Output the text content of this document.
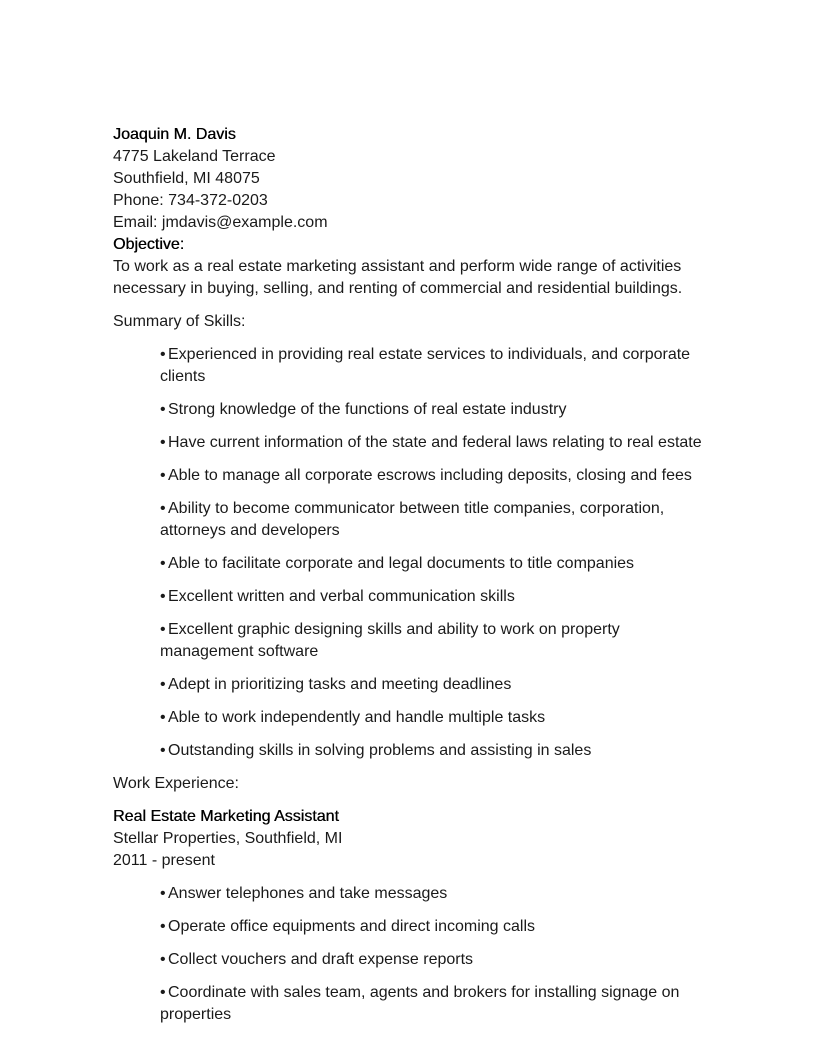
Joaquin M. Davis

4775 Lakeland Terrace

Southfield, MI 48075

Phone: 734-372-0203

Email: jmdavis@example.com

Objective:

To work as a real estate marketing assistant and perform wide range of activities necessary in buying, selling, and renting of commercial and residential buildings.

Summary of Skills:

• Experienced in providing real estate services to individuals, and corporate clients
• Strong knowledge of the functions of real estate industry
• Have current information of the state and federal laws relating to real estate
• Able to manage all corporate escrows including deposits, closing and fees
• Ability to become communicator between title companies, corporation, attorneys and developers
• Able to facilitate corporate and legal documents to title companies
• Excellent written and verbal communication skills
• Excellent graphic designing skills and ability to work on property management software
• Adept in prioritizing tasks and meeting deadlines
• Able to work independently and handle multiple tasks
• Outstanding skills in solving problems and assisting in sales

Work Experience:

Real Estate Marketing Assistant

Stellar Properties, Southfield, MI

2011 - present

• Answer telephones and take messages
• Operate office equipments and direct incoming calls
• Collect vouchers and draft expense reports
• Coordinate with sales team, agents and brokers for installing signage on properties
